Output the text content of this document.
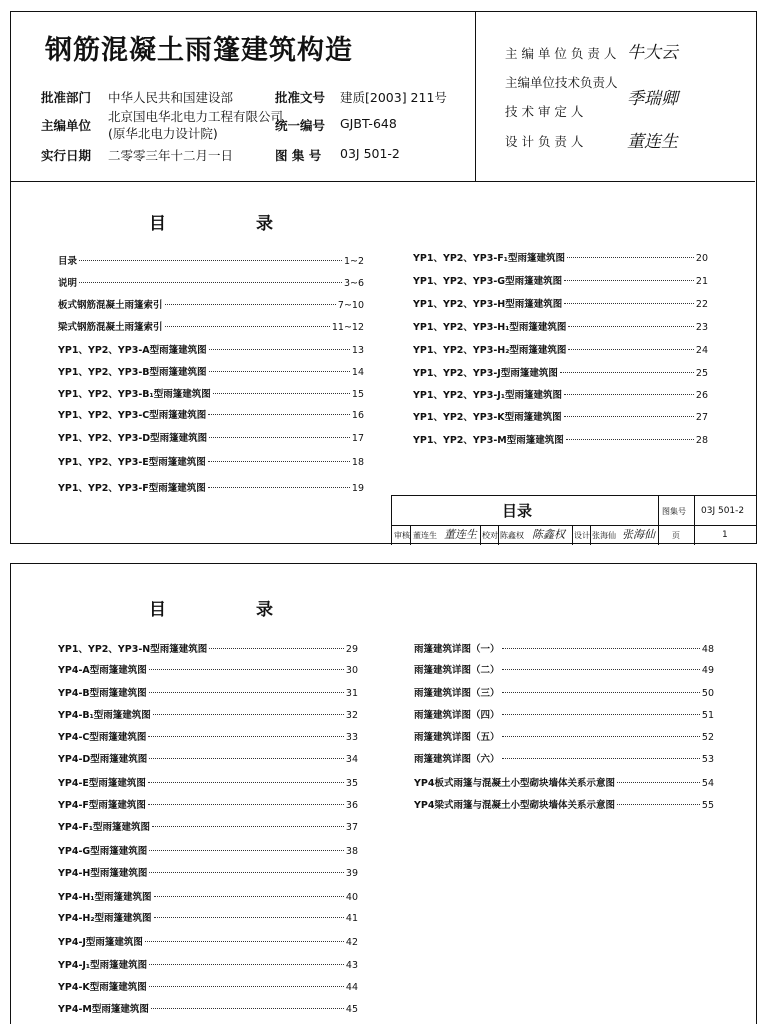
钢筋混凝土雨篷建筑构造
批准部门 中华人民共和国建设部	批准文号 建质[2003] 211号
主编单位
北京国电华北电力工程有限公司
(原华北电力设计院)
统一编号 GJBT-648
实行日期 二零零三年十二月一日	图 集 号 03J 501-2
主 编 单 位 负 责 人 牛大云
主编单位技术负责人
季瑞卿
技 术 审 定 人
设 计 负 责 人	董连生
目	录
目录	1~2
说明	3~6
板式钢筋混凝土雨篷索引	7~10
梁式钢筋混凝土雨篷索引	11~12
YP1、YP2、YP3-A型雨篷建筑图	13
YP1、YP2、YP3-B型雨篷建筑图	14
YP1、YP2、YP3-B₁型雨篷建筑图	15
YP1、YP2、YP3-C型雨篷建筑图	16
YP1、YP2、YP3-D型雨篷建筑图	17
YP1、YP2、YP3-E型雨篷建筑图	18
YP1、YP2、YP3-F型雨篷建筑图	19
YP1、YP2、YP3-F₁型雨篷建筑图	20
YP1、YP2、YP3-G型雨篷建筑图	21
YP1、YP2、YP3-H型雨篷建筑图	22
YP1、YP2、YP3-H₁型雨篷建筑图	23
YP1、YP2、YP3-H₂型雨篷建筑图	24
YP1、YP2、YP3-J型雨篷建筑图	25
YP1、YP2、YP3-J₁型雨篷建筑图	26
YP1、YP2、YP3-K型雨篷建筑图	27
YP1、YP2、YP3-M型雨篷建筑图	28
目录	图集号 03J 501-2
审核 董连生 董连生 校对 陈鑫权 陈鑫权 设计 张海仙 张海仙 页	1
目	录
YP1、YP2、YP3-N型雨篷建筑图	29
YP4-A型雨篷建筑图	30
YP4-B型雨篷建筑图	31
YP4-B₁型雨篷建筑图	32
YP4-C型雨篷建筑图	33
YP4-D型雨篷建筑图	34
YP4-E型雨篷建筑图	35
YP4-F型雨篷建筑图	36
YP4-F₁型雨篷建筑图	37
YP4-G型雨篷建筑图	38
YP4-H型雨篷建筑图	39
YP4-H₁型雨篷建筑图	40
YP4-H₂型雨篷建筑图	41
YP4-J型雨篷建筑图	42
YP4-J₁型雨篷建筑图	43
YP4-K型雨篷建筑图	44
YP4-M型雨篷建筑图	45
雨篷建筑详图（一）	48
雨篷建筑详图（二）	49
雨篷建筑详图（三）	50
雨篷建筑详图（四）	51
雨篷建筑详图（五）	52
雨篷建筑详图（六）	53
YP4板式雨篷与混凝土小型砌块墙体关系示意图	54
YP4梁式雨篷与混凝土小型砌块墙体关系示意图	55
